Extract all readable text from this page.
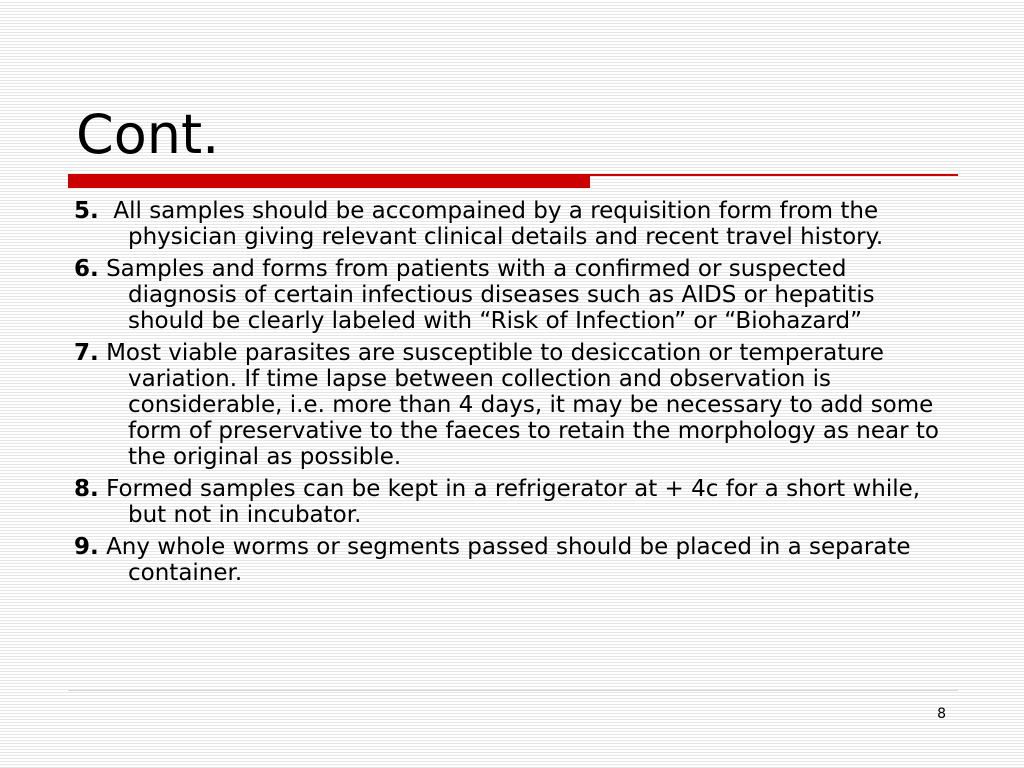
Cont.
5. All samples should be accompained by a requisition form from the physician giving relevant clinical details and recent travel history.
6. Samples and forms from patients with a confirmed or suspected diagnosis of certain infectious diseases such as AIDS or hepatitis should be clearly labeled with “Risk of Infection” or “Biohazard”
7. Most viable parasites are susceptible to desiccation or temperature variation. If time lapse between collection and observation is considerable, i.e. more than 4 days, it may be necessary to add some form of preservative to the faeces to retain the morphology as near to the original as possible.
8. Formed samples can be kept in a refrigerator at + 4c for a short while, but not in incubator.
9. Any whole worms or segments passed should be placed in a separate container.
8
